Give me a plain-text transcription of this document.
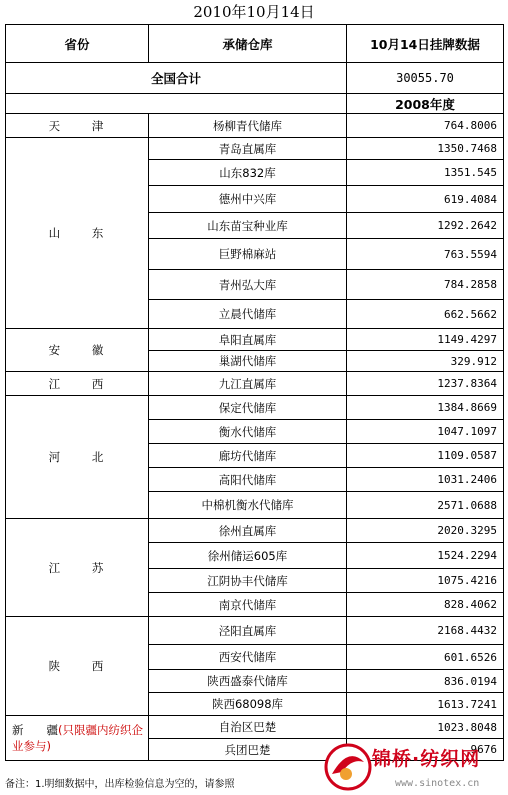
2010年10月14日
省份	承储仓库	10月14日挂牌数据
全国合计		30055.70
		2008年度
天 津	杨柳青代储库	764.8006
山 东	青岛直属库	1350.7468
	山东832库	1351.545
	德州中兴库	619.4084
	山东苗宝种业库	1292.2642
	巨野棉麻站	763.5594
	青州弘大库	784.2858
	立晨代储库	662.5662
安 徽	阜阳直属库	1149.4297
	巢湖代储库	329.912
江 西	九江直属库	1237.8364
河 北	保定代储库	1384.8669
	衡水代储库	1047.1097
	廊坊代储库	1109.0587
	高阳代储库	1031.2406
	中棉机衡水代储库	2571.0688
江 苏	徐州直属库	2020.3295
	徐州储运605库	1524.2294
	江阴协丰代储库	1075.4216
	南京代储库	828.4062
陕 西	泾阳直属库	2168.4432
	西安代储库	601.6526
	陕西盛泰代储库	836.0194
	陕西68098库	1613.7241
新　　疆(只限疆内纺织企业参与)	自治区巴楚	1023.8048
	兵团巴楚	9676
备注：1.明细数据中，出库检验信息为空的，请参照
锦桥·纺织网
www.sinotex.cn
